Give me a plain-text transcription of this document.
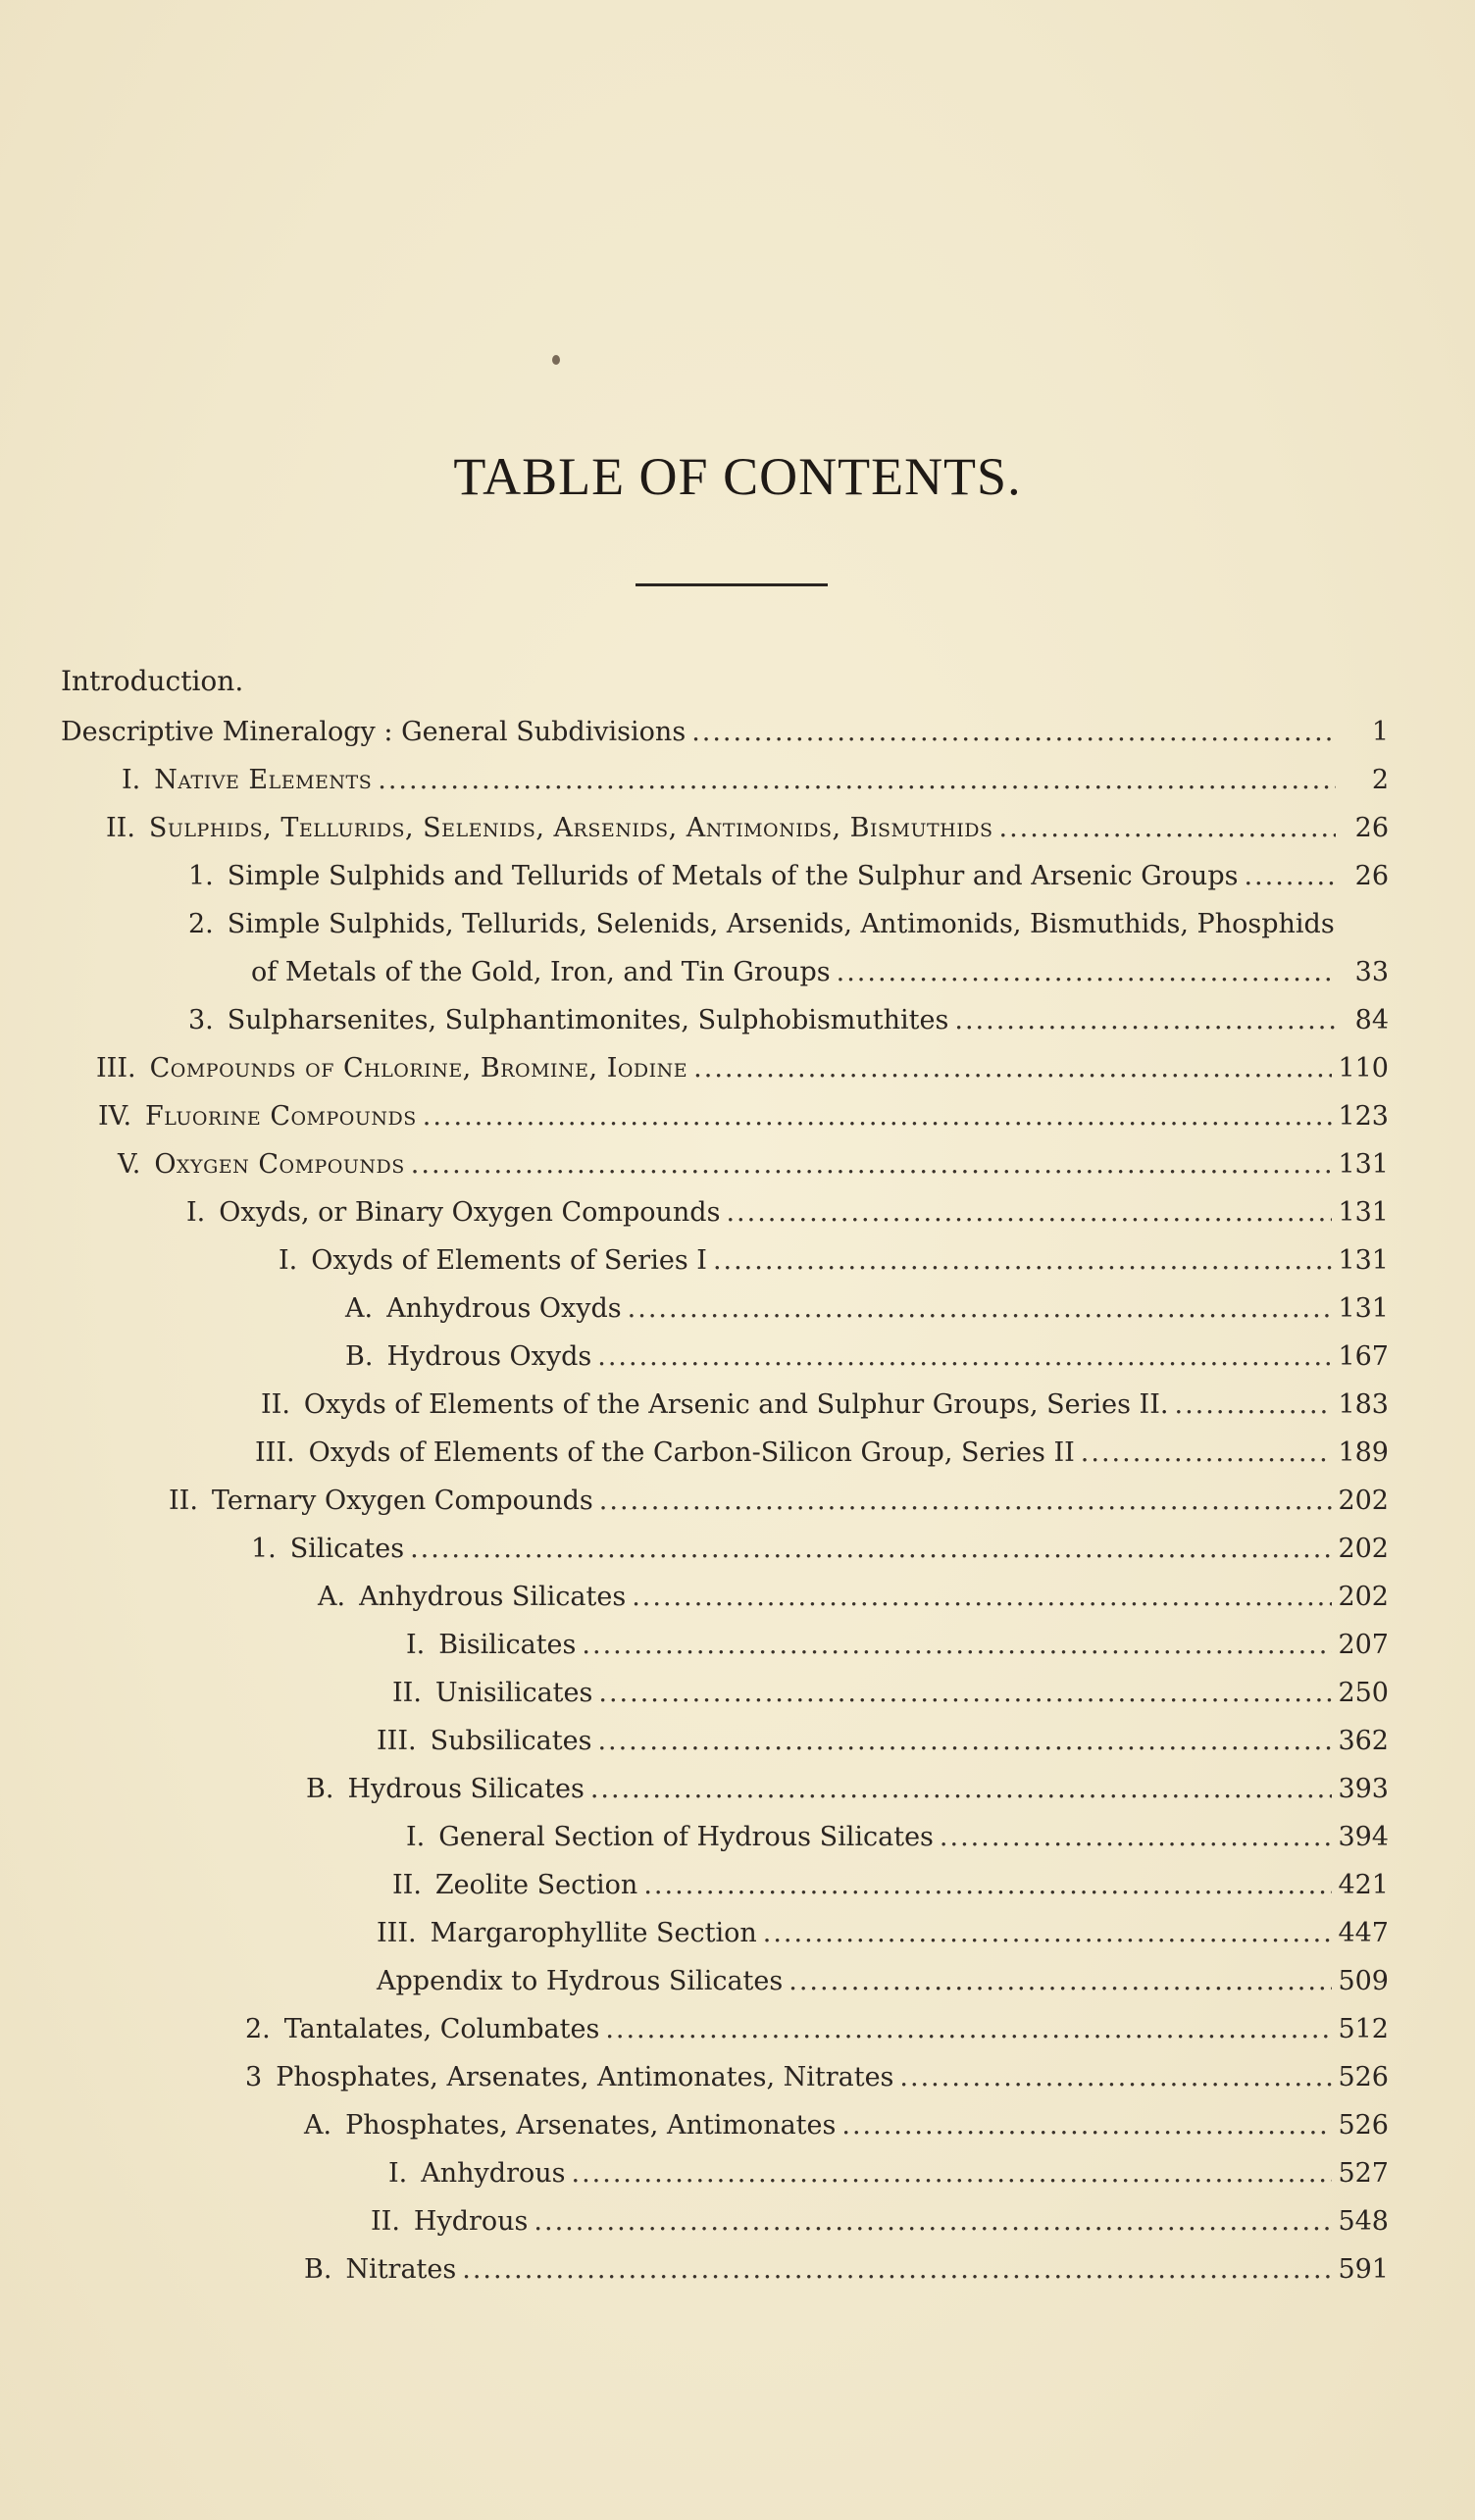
TABLE OF CONTENTS.
Introduction.
Descriptive Mineralogy : General Subdivisions .....	1
I. Native Elements .....	2
II. Sulphids, Tellurids, Selenids, Arsenids, Antimonids, Bismuthids .....	26
1. Simple Sulphids and Tellurids of Metals of the Sulphur and Arsenic Groups .....	26
2. Simple Sulphids, Tellurids, Selenids, Arsenids, Antimonids, Bismuthids, Phosphids
of Metals of the Gold, Iron, and Tin Groups .....	33
3. Sulpharsenites, Sulphantimonites, Sulphobismuthites .....	84
III. Compounds of Chlorine, Bromine, Iodine .....	110
IV. Fluorine Compounds .....	123
V. Oxygen Compounds .....	131
I. Oxyds, or Binary Oxygen Compounds .....	131
I. Oxyds of Elements of Series I .....	131
A. Anhydrous Oxyds .....	131
B. Hydrous Oxyds .....	167
II. Oxyds of Elements of the Arsenic and Sulphur Groups, Series II. .....	183
III. Oxyds of Elements of the Carbon-Silicon Group, Series II .....	189
II. Ternary Oxygen Compounds .....	202
1. Silicates .....	202
A. Anhydrous Silicates .....	202
I. Bisilicates .....	207
II. Unisilicates .....	250
III. Subsilicates .....	362
B. Hydrous Silicates .....	393
I. General Section of Hydrous Silicates .....	394
II. Zeolite Section .....	421
III. Margarophyllite Section .....	447
Appendix to Hydrous Silicates .....	509
2. Tantalates, Columbates .....	512
3 Phosphates, Arsenates, Antimonates, Nitrates .....	526
A. Phosphates, Arsenates, Antimonates .....	526
I. Anhydrous .....	527
II. Hydrous .....	548
B. Nitrates .....	591
